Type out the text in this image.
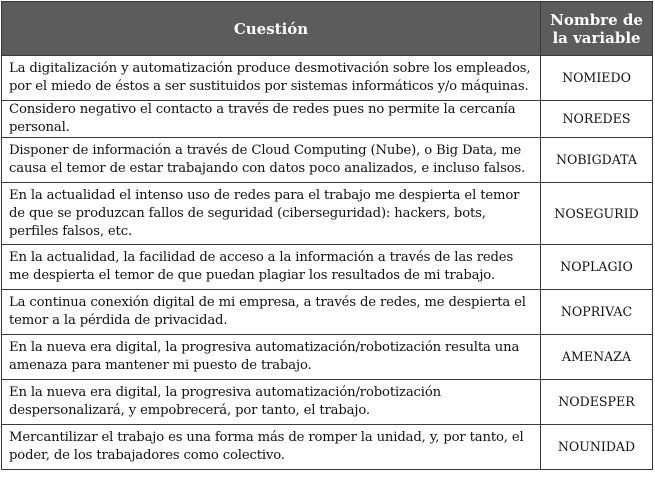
Cuestión	Nombre de la variable
La digitalización y automatización produce desmotivación sobre los empleados, por el miedo de éstos a ser sustituidos por sistemas informáticos y/o máquinas.	NOMIEDO
Considero negativo el contacto a través de redes pues no permite la cercanía personal.	NOREDES
Disponer de información a través de Cloud Computing (Nube), o Big Data, me causa el temor de estar trabajando con datos poco analizados, e incluso falsos.	NOBIGDATA
En la actualidad el intenso uso de redes para el trabajo me despierta el temor de que se produzcan fallos de seguridad (ciberseguridad): hackers, bots, perfiles falsos, etc.	NOSEGURID
En la actualidad, la facilidad de acceso a la información a través de las redes me despierta el temor de que puedan plagiar los resultados de mi trabajo.	NOPLAGIO
La continua conexión digital de mi empresa, a través de redes, me despierta el temor a la pérdida de privacidad.	NOPRIVAC
En la nueva era digital, la progresiva automatización/robotización resulta una amenaza para mantener mi puesto de trabajo.	AMENAZA
En la nueva era digital, la progresiva automatización/robotización despersonalizará, y empobrecerá, por tanto, el trabajo.	NODESPER
Mercantilizar el trabajo es una forma más de romper la unidad, y, por tanto, el poder, de los trabajadores como colectivo.	NOUNIDAD
